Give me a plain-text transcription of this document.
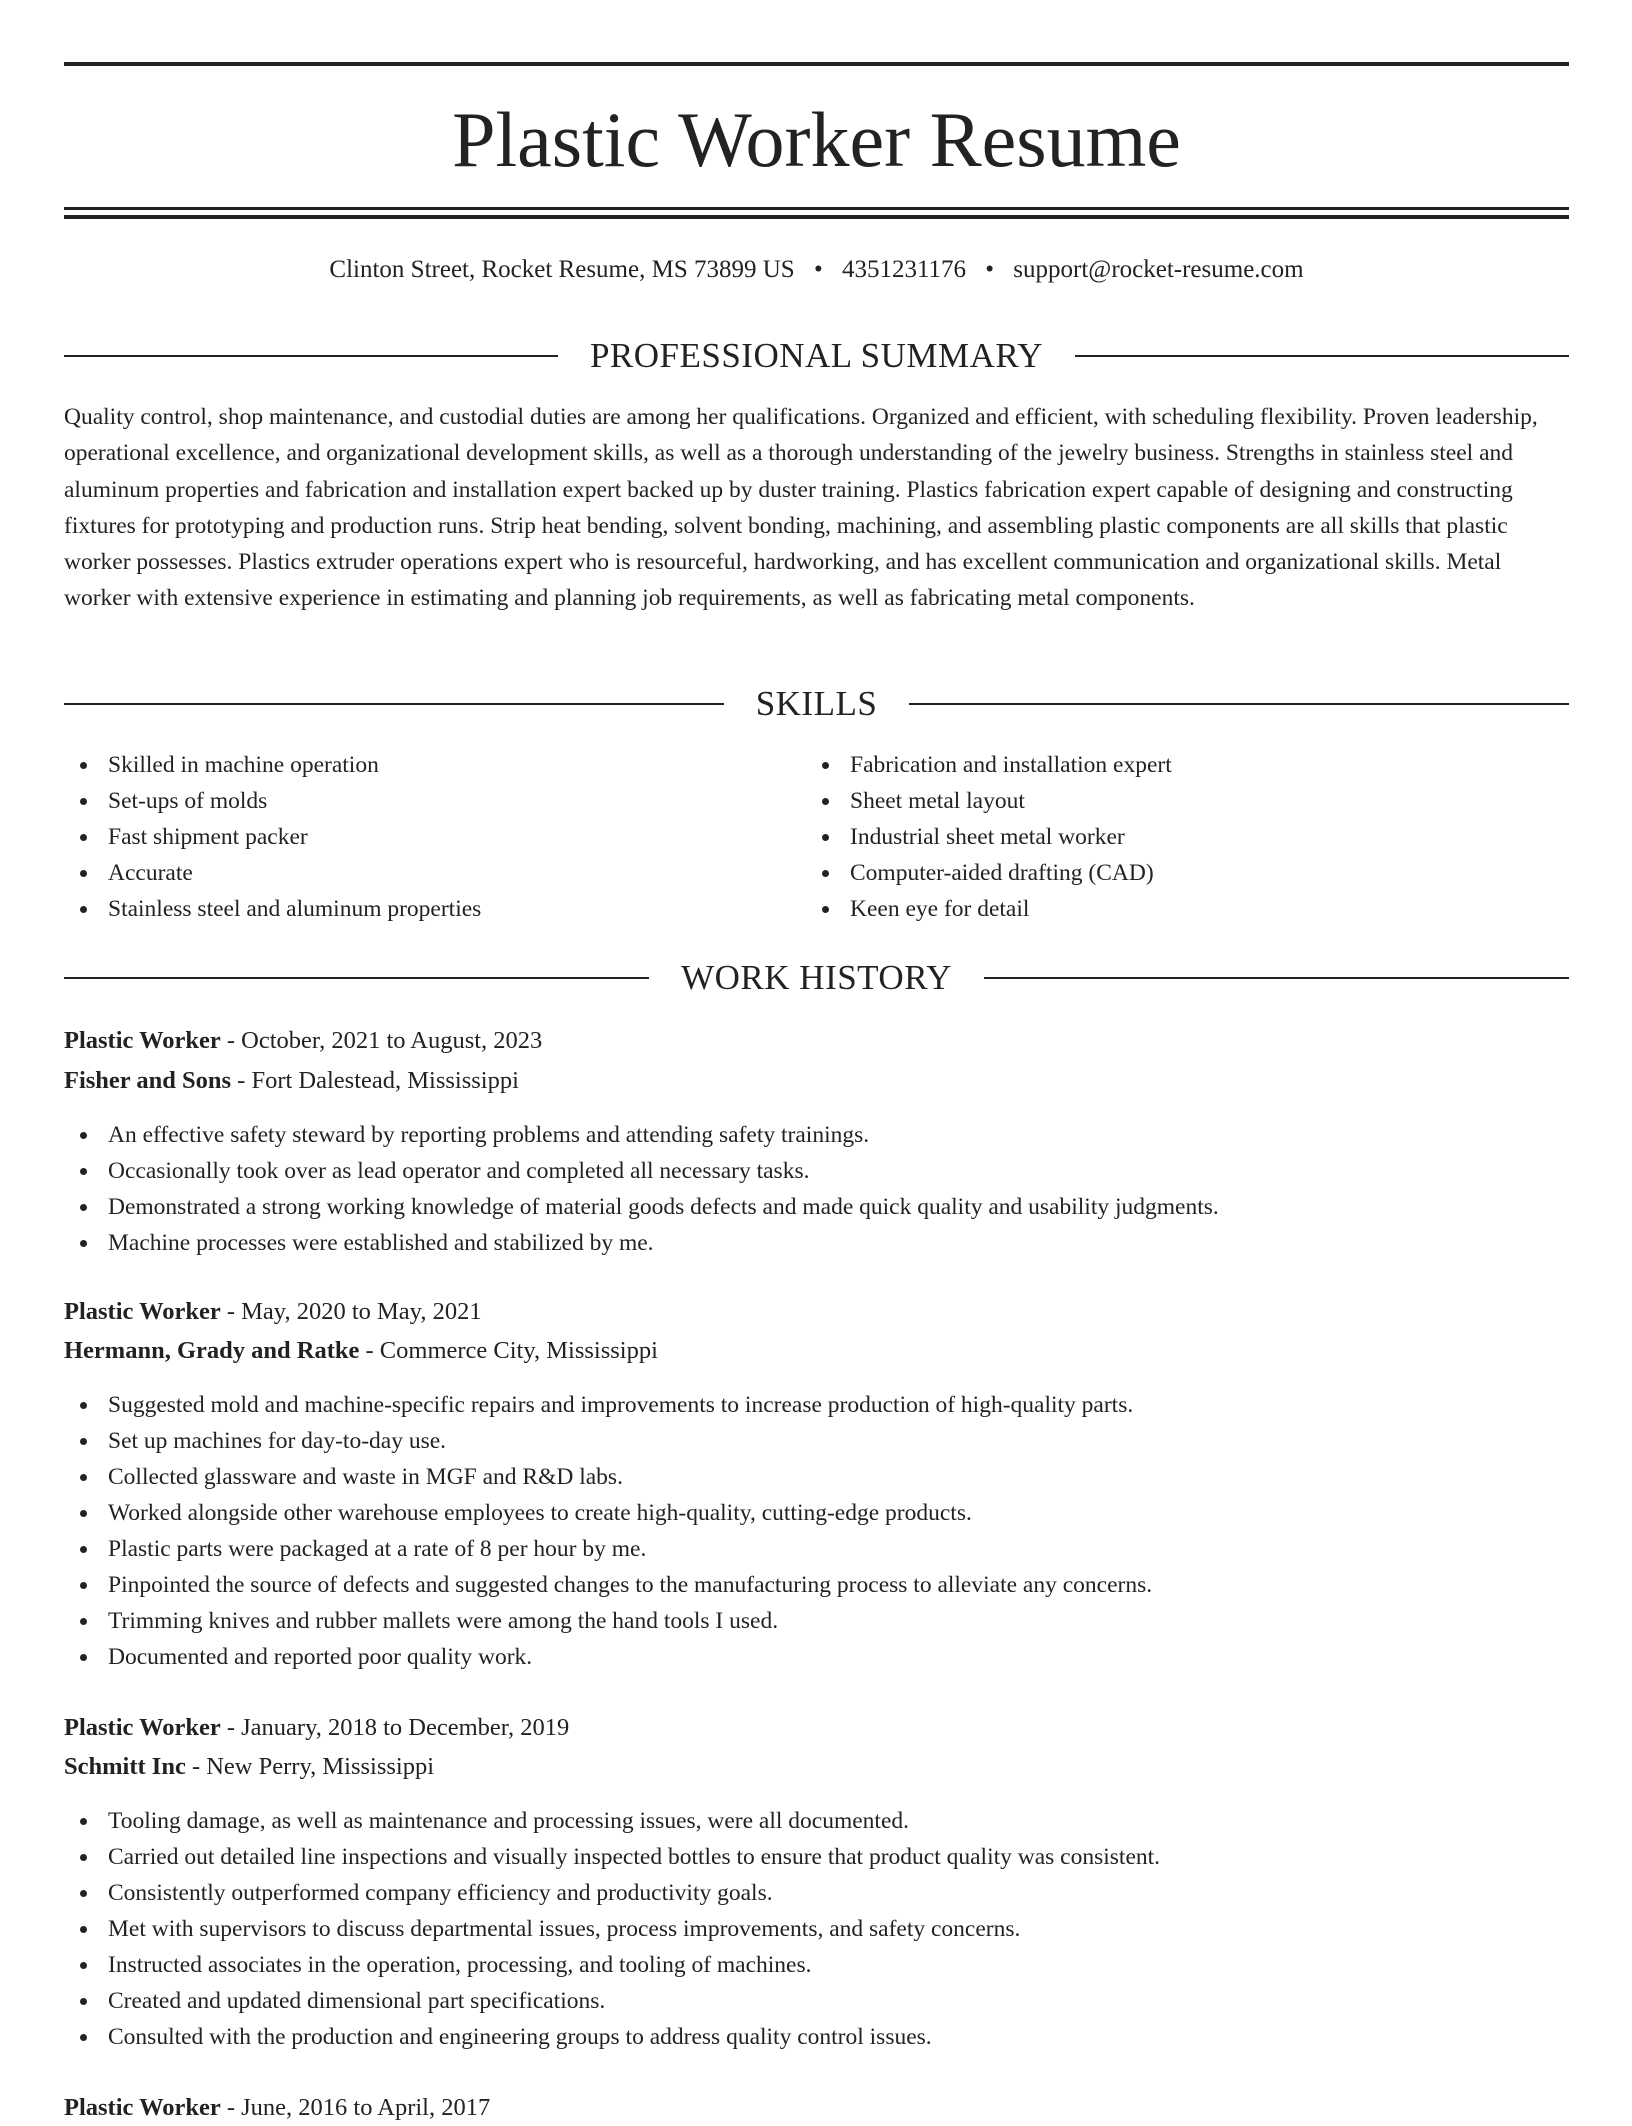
Plastic Worker Resume
Clinton Street, Rocket Resume, MS 73899 US • 4351231176 • support@rocket-resume.com
PROFESSIONAL SUMMARY
Quality control, shop maintenance, and custodial duties are among her qualifications. Organized and efficient, with scheduling flexibility. Proven leadership, operational excellence, and organizational development skills, as well as a thorough understanding of the jewelry business. Strengths in stainless steel and aluminum properties and fabrication and installation expert backed up by duster training. Plastics fabrication expert capable of designing and constructing fixtures for prototyping and production runs. Strip heat bending, solvent bonding, machining, and assembling plastic components are all skills that plastic worker possesses. Plastics extruder operations expert who is resourceful, hardworking, and has excellent communication and organizational skills. Metal worker with extensive experience in estimating and planning job requirements, as well as fabricating metal components.
SKILLS
Skilled in machine operation
Set-ups of molds
Fast shipment packer
Accurate
Stainless steel and aluminum properties
Fabrication and installation expert
Sheet metal layout
Industrial sheet metal worker
Computer-aided drafting (CAD)
Keen eye for detail
WORK HISTORY
Plastic Worker - October, 2021 to August, 2023
Fisher and Sons - Fort Dalestead, Mississippi
An effective safety steward by reporting problems and attending safety trainings.
Occasionally took over as lead operator and completed all necessary tasks.
Demonstrated a strong working knowledge of material goods defects and made quick quality and usability judgments.
Machine processes were established and stabilized by me.
Plastic Worker - May, 2020 to May, 2021
Hermann, Grady and Ratke - Commerce City, Mississippi
Suggested mold and machine-specific repairs and improvements to increase production of high-quality parts.
Set up machines for day-to-day use.
Collected glassware and waste in MGF and R&D labs.
Worked alongside other warehouse employees to create high-quality, cutting-edge products.
Plastic parts were packaged at a rate of 8 per hour by me.
Pinpointed the source of defects and suggested changes to the manufacturing process to alleviate any concerns.
Trimming knives and rubber mallets were among the hand tools I used.
Documented and reported poor quality work.
Plastic Worker - January, 2018 to December, 2019
Schmitt Inc - New Perry, Mississippi
Tooling damage, as well as maintenance and processing issues, were all documented.
Carried out detailed line inspections and visually inspected bottles to ensure that product quality was consistent.
Consistently outperformed company efficiency and productivity goals.
Met with supervisors to discuss departmental issues, process improvements, and safety concerns.
Instructed associates in the operation, processing, and tooling of machines.
Created and updated dimensional part specifications.
Consulted with the production and engineering groups to address quality control issues.
Plastic Worker - June, 2016 to April, 2017
